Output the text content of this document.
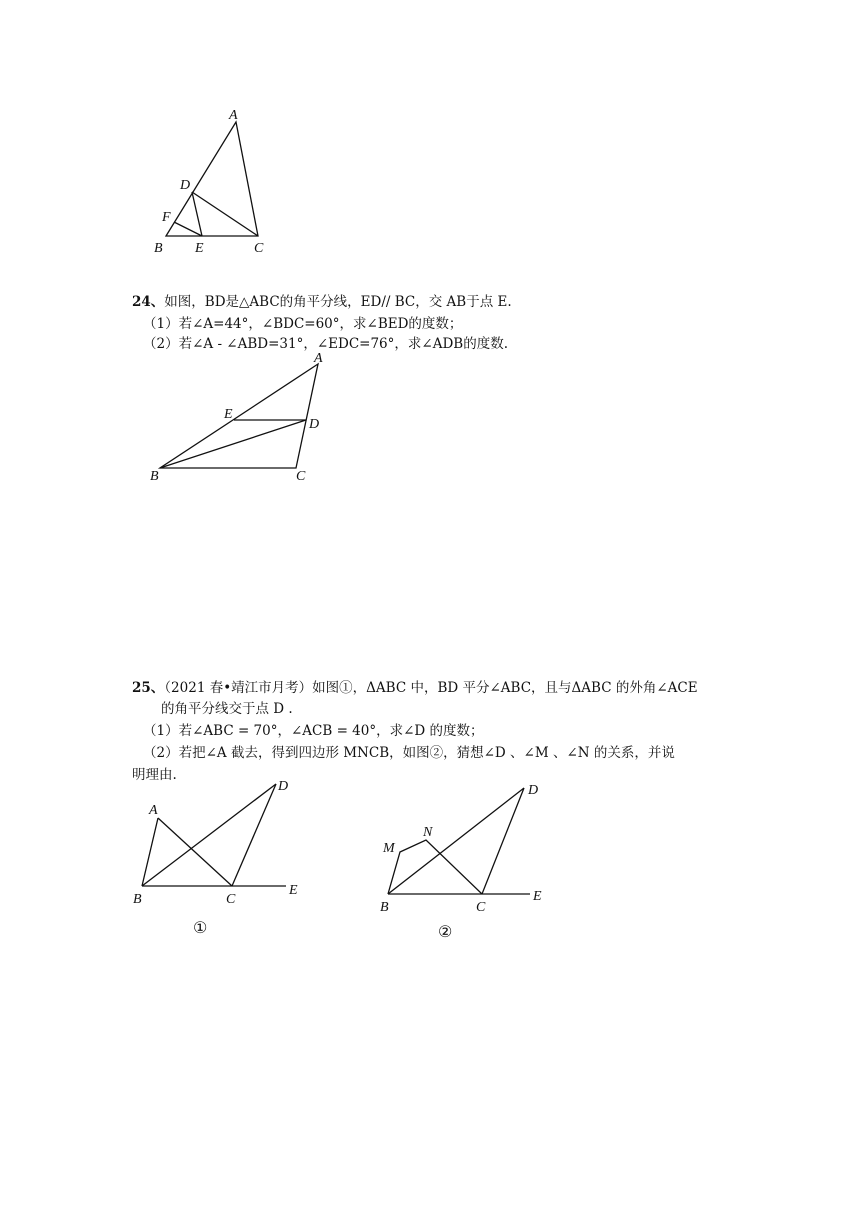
A
D
F
B E	C
24、如图，BD是△ABC的角平分线，ED// BC，交 AB于点 E.
（1）若∠A=44°，∠BDC=60°，求∠BED的度数；
（2）若∠A - ∠ABD=31°，∠EDC=76°，求∠ADB的度数.
A
E
D
B	C
25、（2021 春•靖江市月考）如图①，ΔABC 中，BD 平分∠ABC，且与ΔABC 的外角∠ACE
的角平分线交于点 D .
（1）若∠ABC = 70°，∠ACB = 40°，求∠D 的度数；
（2）若把∠A 截去，得到四边形 MNCB，如图②，猜想∠D 、∠M 、∠N 的关系，并说
明理由.
A
D
B	C
E
①
M
N
D
B	C
E
②
